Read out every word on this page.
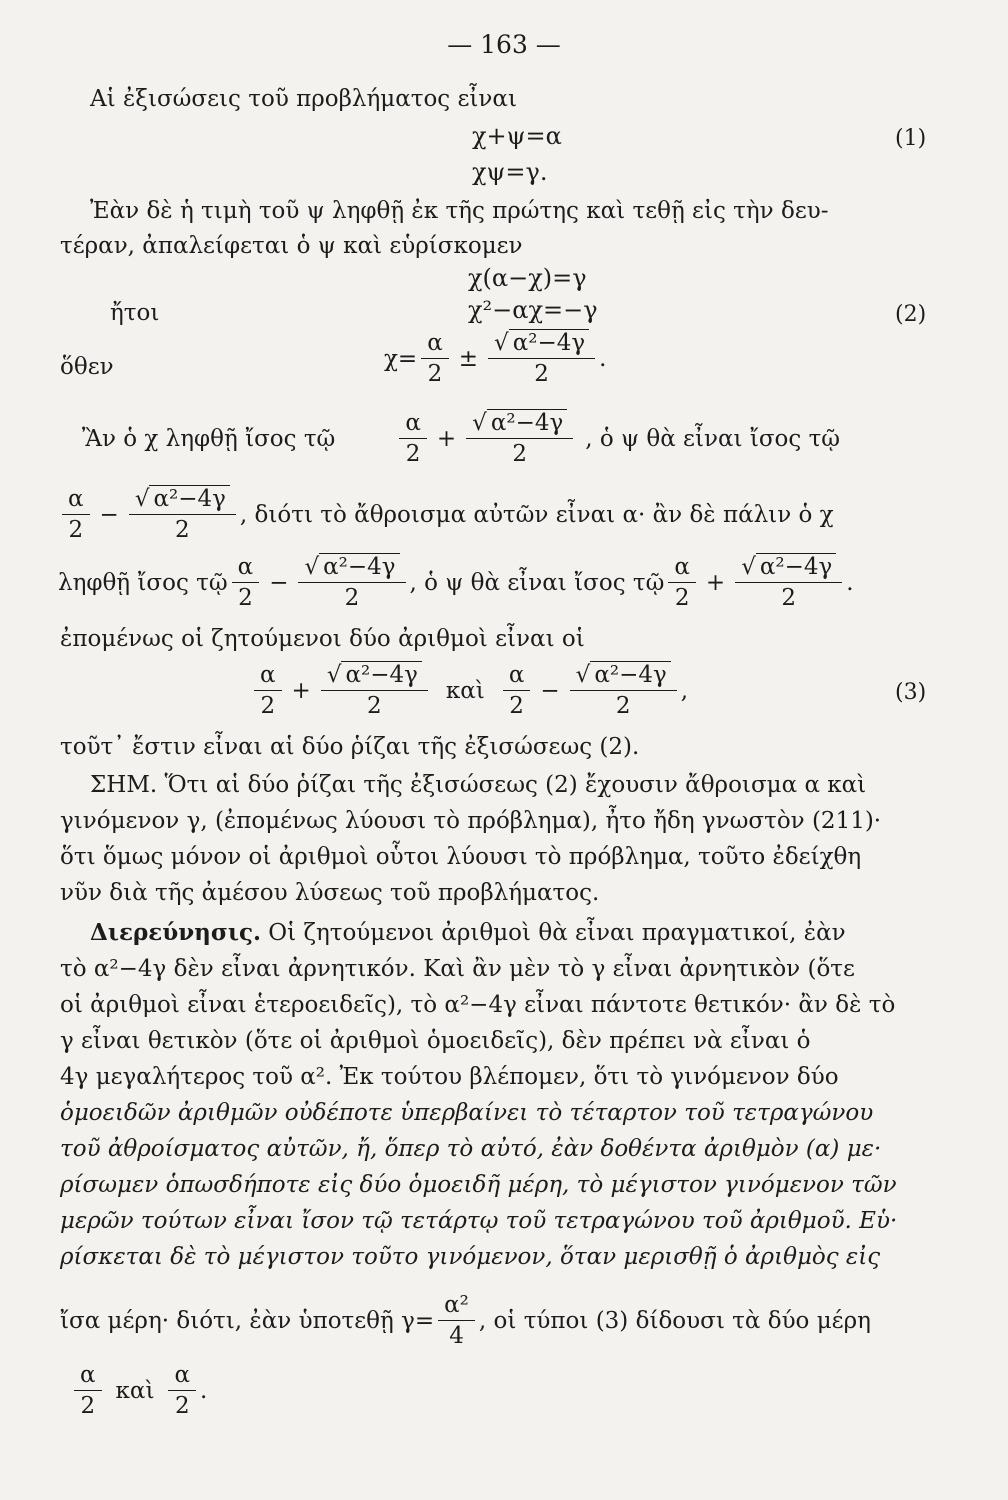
— 163 —
Αἱ ἐξισώσεις τοῦ προβλήματος εἶναι
χ+ψ=α	(1)
χψ=γ.
Ἐὰν δὲ ἡ τιμὴ τοῦ ψ ληφθῇ ἐκ τῆς πρώτης καὶ τεθῇ εἰς τὴν δευ-
τέραν, ἀπαλείφεται ὁ ψ καὶ εὑρίσκομεν
χ(α−χ)=γ
ἤτοι	χ²−αχ=−γ	(2)
ὅθεν	$\chi= \frac{\alpha}{2} \pm \frac{\text{√ α²−4γ}}{2}$ .
Ἂν ὁ χ ληφθῇ ἴσος τῷ	$\frac{\alpha}{2} + \frac{\text{√ α²−4γ}}{2}$ , ὁ ψ θὰ εἶναι ἴσος τῷ
$\frac{\alpha}{2} - \frac{\text{√ α²−4γ}}{2}$ , διότι τὸ ἄθροισμα αὐτῶν εἶναι α· ἂν δὲ πάλιν ὁ χ
ληφθῇ ἴσος τῷ $\frac{\alpha}{2} - \frac{\text{√ α²−4γ}}{2}$ , ὁ ψ θὰ εἶναι ἴσος τῷ $\frac{\alpha}{2} + \frac{\text{√ α²−4γ}}{2}$ .
ἐπομένως οἱ ζητούμενοι δύο ἀριθμοὶ εἶναι οἱ
$\frac{\alpha}{2} + \frac{\text{√ α²−4γ}}{2}$ καὶ $\frac{\alpha}{2} - \frac{\text{√ α²−4γ}}{2}$ ,	(3)
τοῦτ᾽ ἔστιν εἶναι αἱ δύο ῥίζαι τῆς ἐξισώσεως (2).
ΣΗΜ. Ὅτι αἱ δύο ῥίζαι τῆς ἐξισώσεως (2) ἔχουσιν ἄθροισμα α καὶ
γινόμενον γ, (ἐπομένως λύουσι τὸ πρόβλημα), ἦτο ἤδη γνωστὸν (211)·
ὅτι ὅμως μόνον οἱ ἀριθμοὶ οὗτοι λύουσι τὸ πρόβλημα, τοῦτο ἐδείχθη
νῦν διὰ τῆς ἀμέσου λύσεως τοῦ προβλήματος.
Διερεύνησις. Οἱ ζητούμενοι ἀριθμοὶ θὰ εἶναι πραγματικοί, ἐὰν
τὸ α²−4γ δὲν εἶναι ἀρνητικόν. Καὶ ἂν μὲν τὸ γ εἶναι ἀρνητικὸν (ὅτε
οἱ ἀριθμοὶ εἶναι ἑτεροειδεῖς), τὸ α²−4γ εἶναι πάντοτε θετικόν· ἂν δὲ τὸ
γ εἶναι θετικὸν (ὅτε οἱ ἀριθμοὶ ὁμοειδεῖς), δὲν πρέπει νὰ εἶναι ὁ
4γ μεγαλήτερος τοῦ α². Ἐκ τούτου βλέπομεν, ὅτι τὸ γινόμενον δύο
ὁμοειδῶν ἀριθμῶν οὐδέποτε ὑπερβαίνει τὸ τέταρτον τοῦ τετραγώνου
τοῦ ἀθροίσματος αὐτῶν, ἤ, ὅπερ τὸ αὐτό, ἐὰν δοθέντα ἀριθμὸν (α) με·
ρίσωμεν ὁπωσδήποτε εἰς δύο ὁμοειδῆ μέρη, τὸ μέγιστον γινόμενον τῶν
μερῶν τούτων εἶναι ἴσον τῷ τετάρτῳ τοῦ τετραγώνου τοῦ ἀριθμοῦ. Εὑ·
ρίσκεται δὲ τὸ μέγιστον τοῦτο γινόμενον, ὅταν μερισθῇ ὁ ἀριθμὸς εἰς
ἴσα μέρη· διότι, ἐὰν ὑποτεθῇ $\gamma= \frac{\text{α²}}{4}$ , οἱ τύποι (3) δίδουσι τὰ δύο μέρη
$\frac{\alpha}{2}$ καὶ $\frac{\alpha}{2}$ .
